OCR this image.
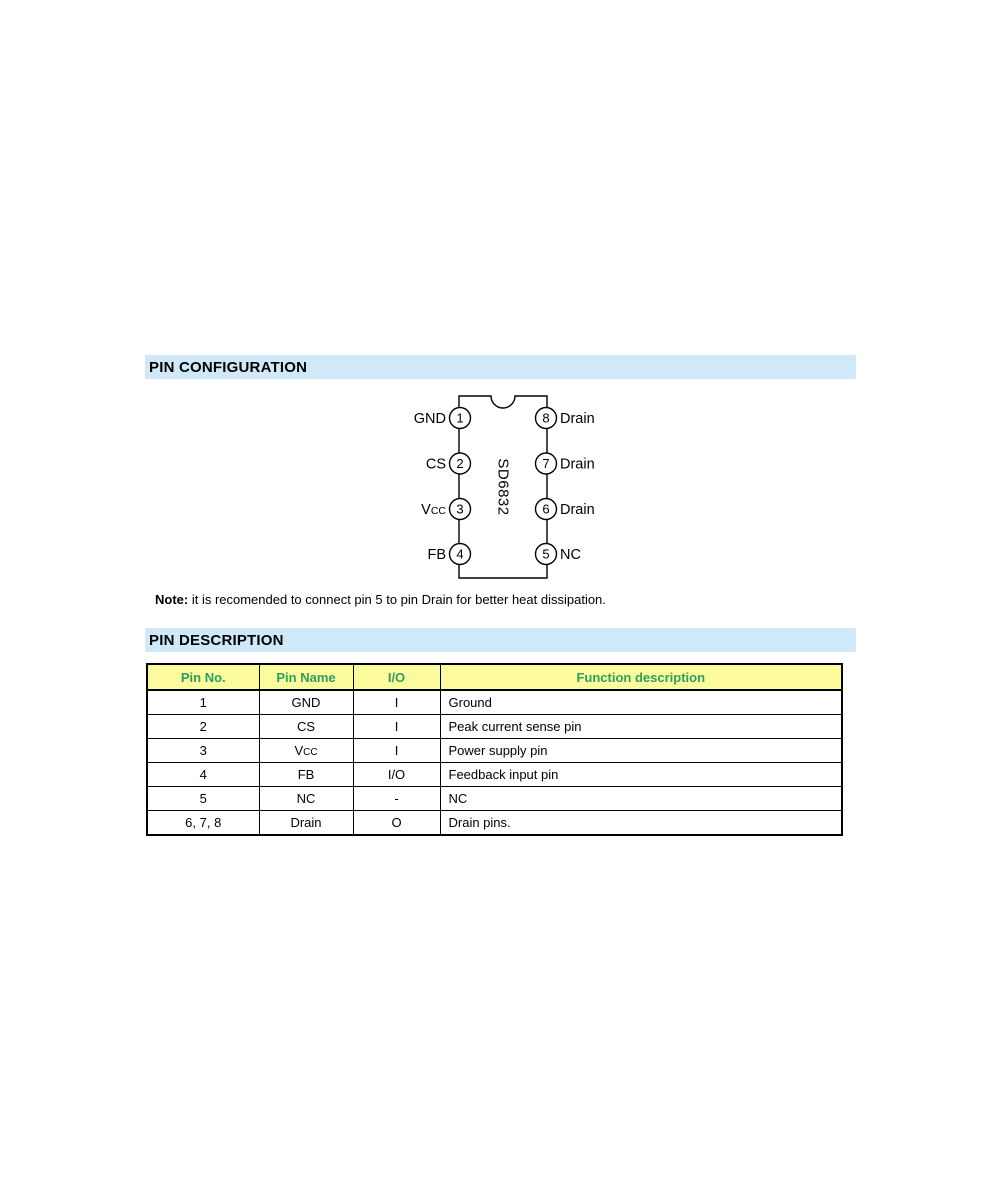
PIN CONFIGURATION
SD6832
1
2
3
4
8
7
6
5
GND
CS
VCC
FB
Drain
Drain
Drain
NC
Note: it is recomended to connect pin 5 to pin Drain for better heat dissipation.
PIN DESCRIPTION
Pin No.	Pin Name	I/O	Function description
1	GND	I	Ground
2	CS	I	Peak current sense pin
3	VCC	I	Power supply pin
4	FB	I/O	Feedback input pin
5	NC	-	NC
6, 7, 8	Drain	O	Drain pins.
